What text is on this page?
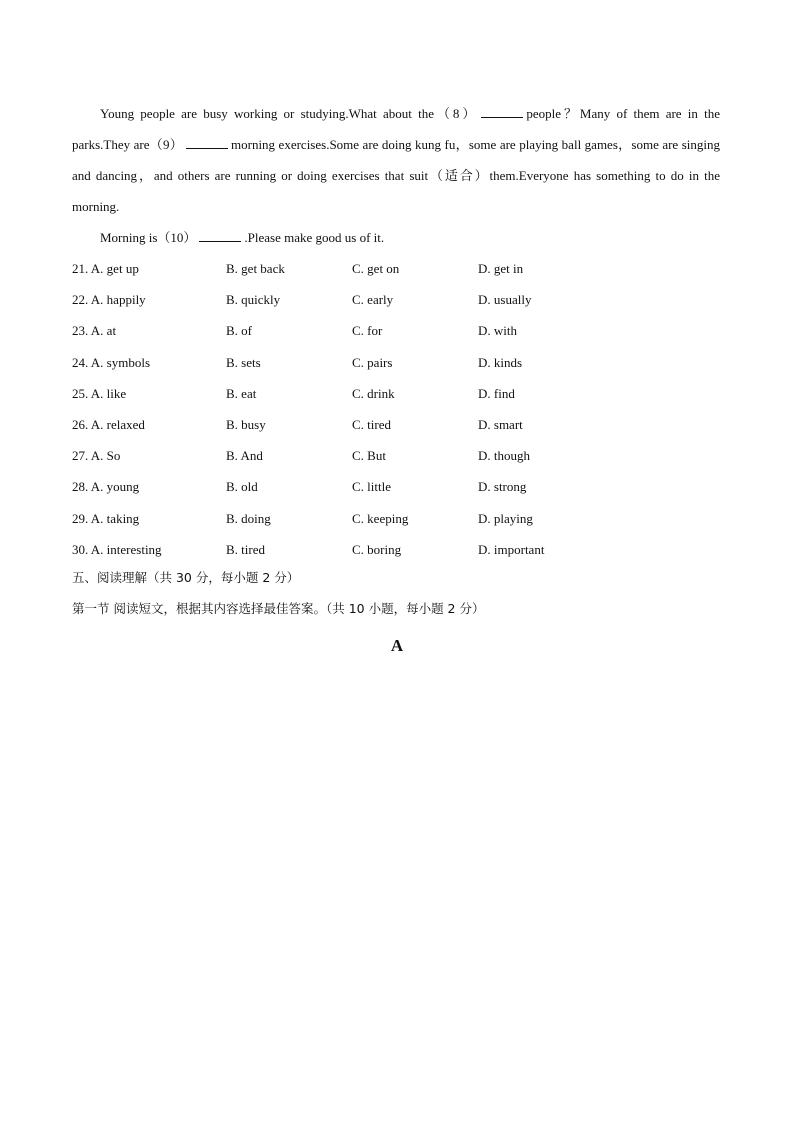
Young people are busy working or studying.What about the（8）	people？Many of them are in the parks.They are（9）	morning exercises.Some are doing kung fu，some are playing ball games，some are singing and dancing，and others are running or doing exercises that suit（适合）them.Everyone has something to do in the morning.

Morning is（10）	.Please make good us of it.

21. A. get up	B. get back	C. get on	D. get in
22. A. happily	B. quickly	C. early	D. usually
23. A. at	B. of	C. for	D. with
24. A. symbols	B. sets	C. pairs	D. kinds
25. A. like	B. eat	C. drink	D. find
26. A. relaxed	B. busy	C. tired	D. smart
27. A. So	B. And	C. But	D. though
28. A. young	B. old	C. little	D. strong
29. A. taking	B. doing	C. keeping	D. playing
30. A. interesting	B. tired	C. boring	D. important
五、阅读理解（共 30 分，每小题 2 分）
第一节 阅读短文，根据其内容选择最佳答案。（共 10 小题，每小题 2 分）
A
